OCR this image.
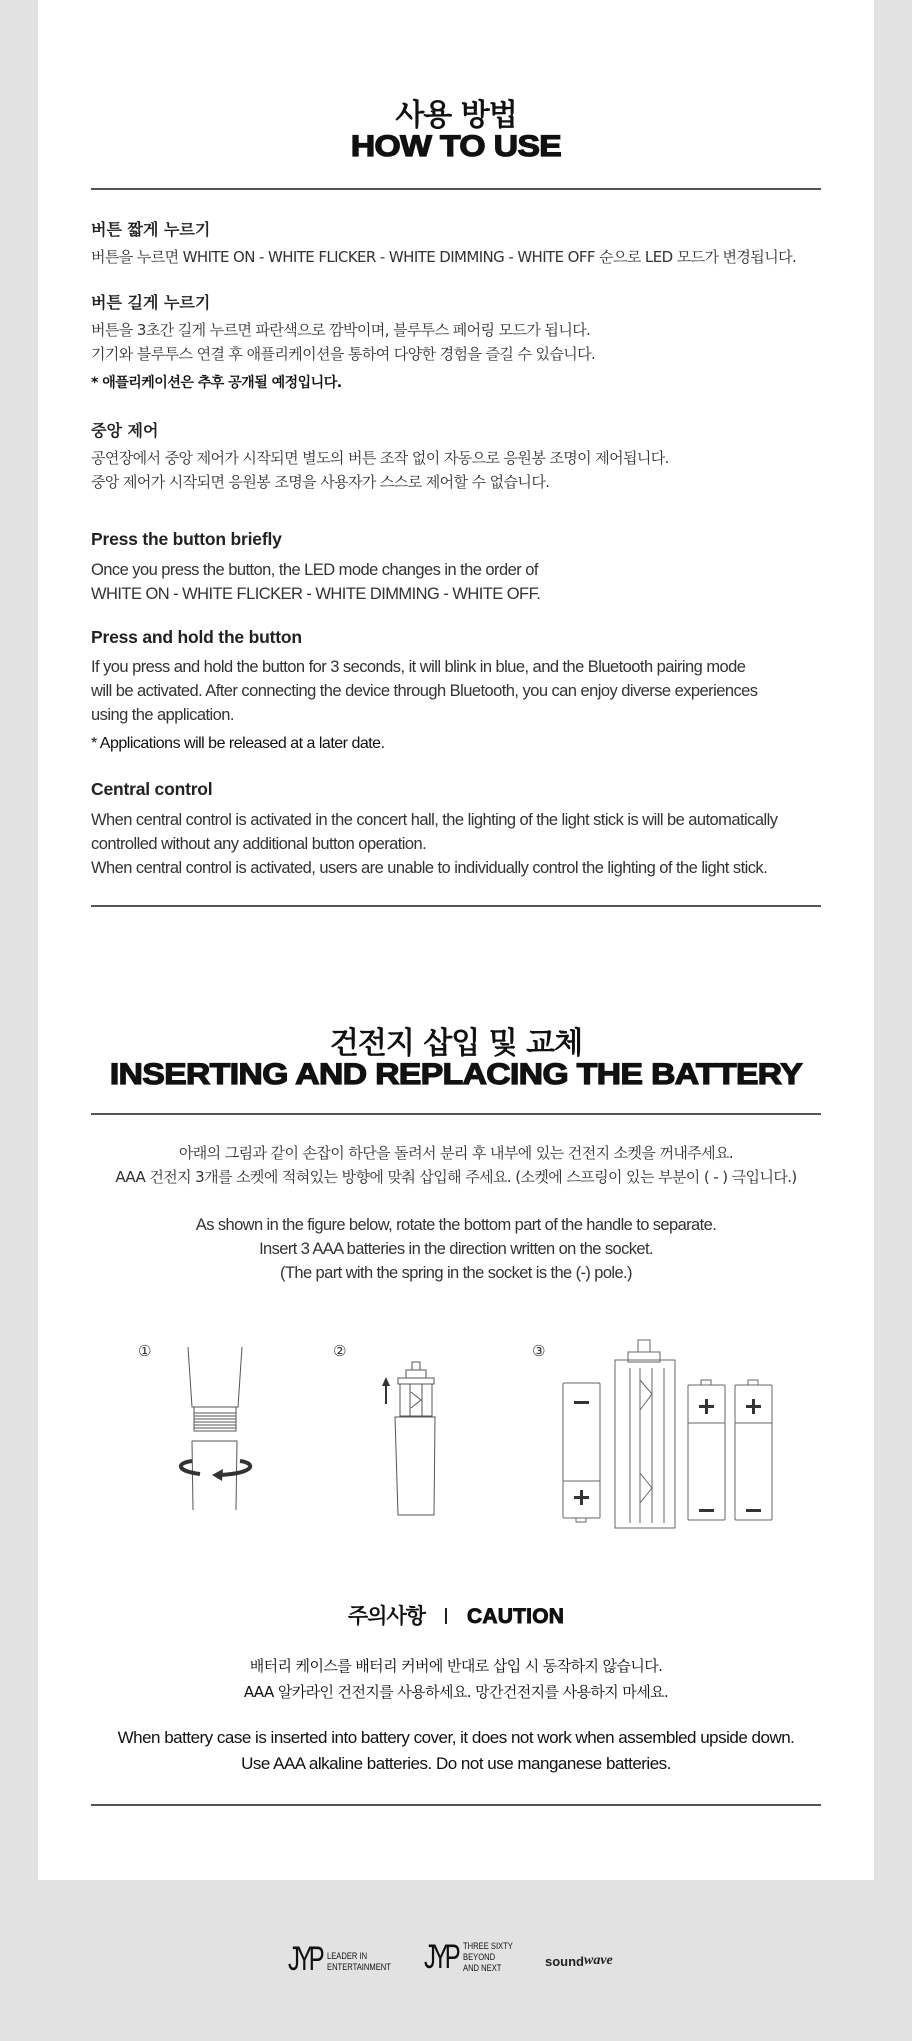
사용 방법
HOW TO USE
버튼 짧게 누르기
버튼을 누르면 WHITE ON - WHITE FLICKER - WHITE DIMMING - WHITE OFF 순으로 LED 모드가 변경됩니다.
버튼 길게 누르기
버튼을 3초간 길게 누르면 파란색으로 깜박이며, 블루투스 페어링 모드가 됩니다.
기기와 블루투스 연결 후 애플리케이션을 통하여 다양한 경험을 즐길 수 있습니다.
* 애플리케이션은 추후 공개될 예정입니다.
중앙 제어
공연장에서 중앙 제어가 시작되면 별도의 버튼 조작 없이 자동으로 응원봉 조명이 제어됩니다.
중앙 제어가 시작되면 응원봉 조명을 사용자가 스스로 제어할 수 없습니다.
Press the button briefly
Once you press the button, the LED mode changes in the order of
WHITE ON - WHITE FLICKER - WHITE DIMMING - WHITE OFF.
Press and hold the button
If you press and hold the button for 3 seconds, it will blink in blue, and the Bluetooth pairing mode
will be activated. After connecting the device through Bluetooth, you can enjoy diverse experiences
using the application.
* Applications will be released at a later date.
Central control
When central control is activated in the concert hall, the lighting of the light stick is will be automatically
controlled without any additional button operation.
When central control is activated, users are unable to individually control the lighting of the light stick.
건전지 삽입 및 교체
INSERTING AND REPLACING THE BATTERY
아래의 그림과 같이 손잡이 하단을 돌려서 분리 후 내부에 있는 건전지 소켓을 꺼내주세요.
AAA 건전지 3개를 소켓에 적혀있는 방향에 맞춰 삽입해 주세요. (소켓에 스프링이 있는 부분이 ( - ) 극입니다.)
As shown in the figure below, rotate the bottom part of the handle to separate.
Insert 3 AAA batteries in the direction written on the socket.
(The part with the spring in the socket is the (-) pole.)
①	②	③
주의사항 CAUTION
배터리 케이스를 배터리 커버에 반대로 삽입 시 동작하지 않습니다.
AAA 알카라인 건전지를 사용하세요. 망간건전지를 사용하지 마세요.
When battery case is inserted into battery cover, it does not work when assembled upside down.
Use AAA alkaline batteries. Do not use manganese batteries.
JYP LEADER IN
ENTERTAINMENT JYP THREE SIXTY
BEYOND
AND NEXT	sound wave
